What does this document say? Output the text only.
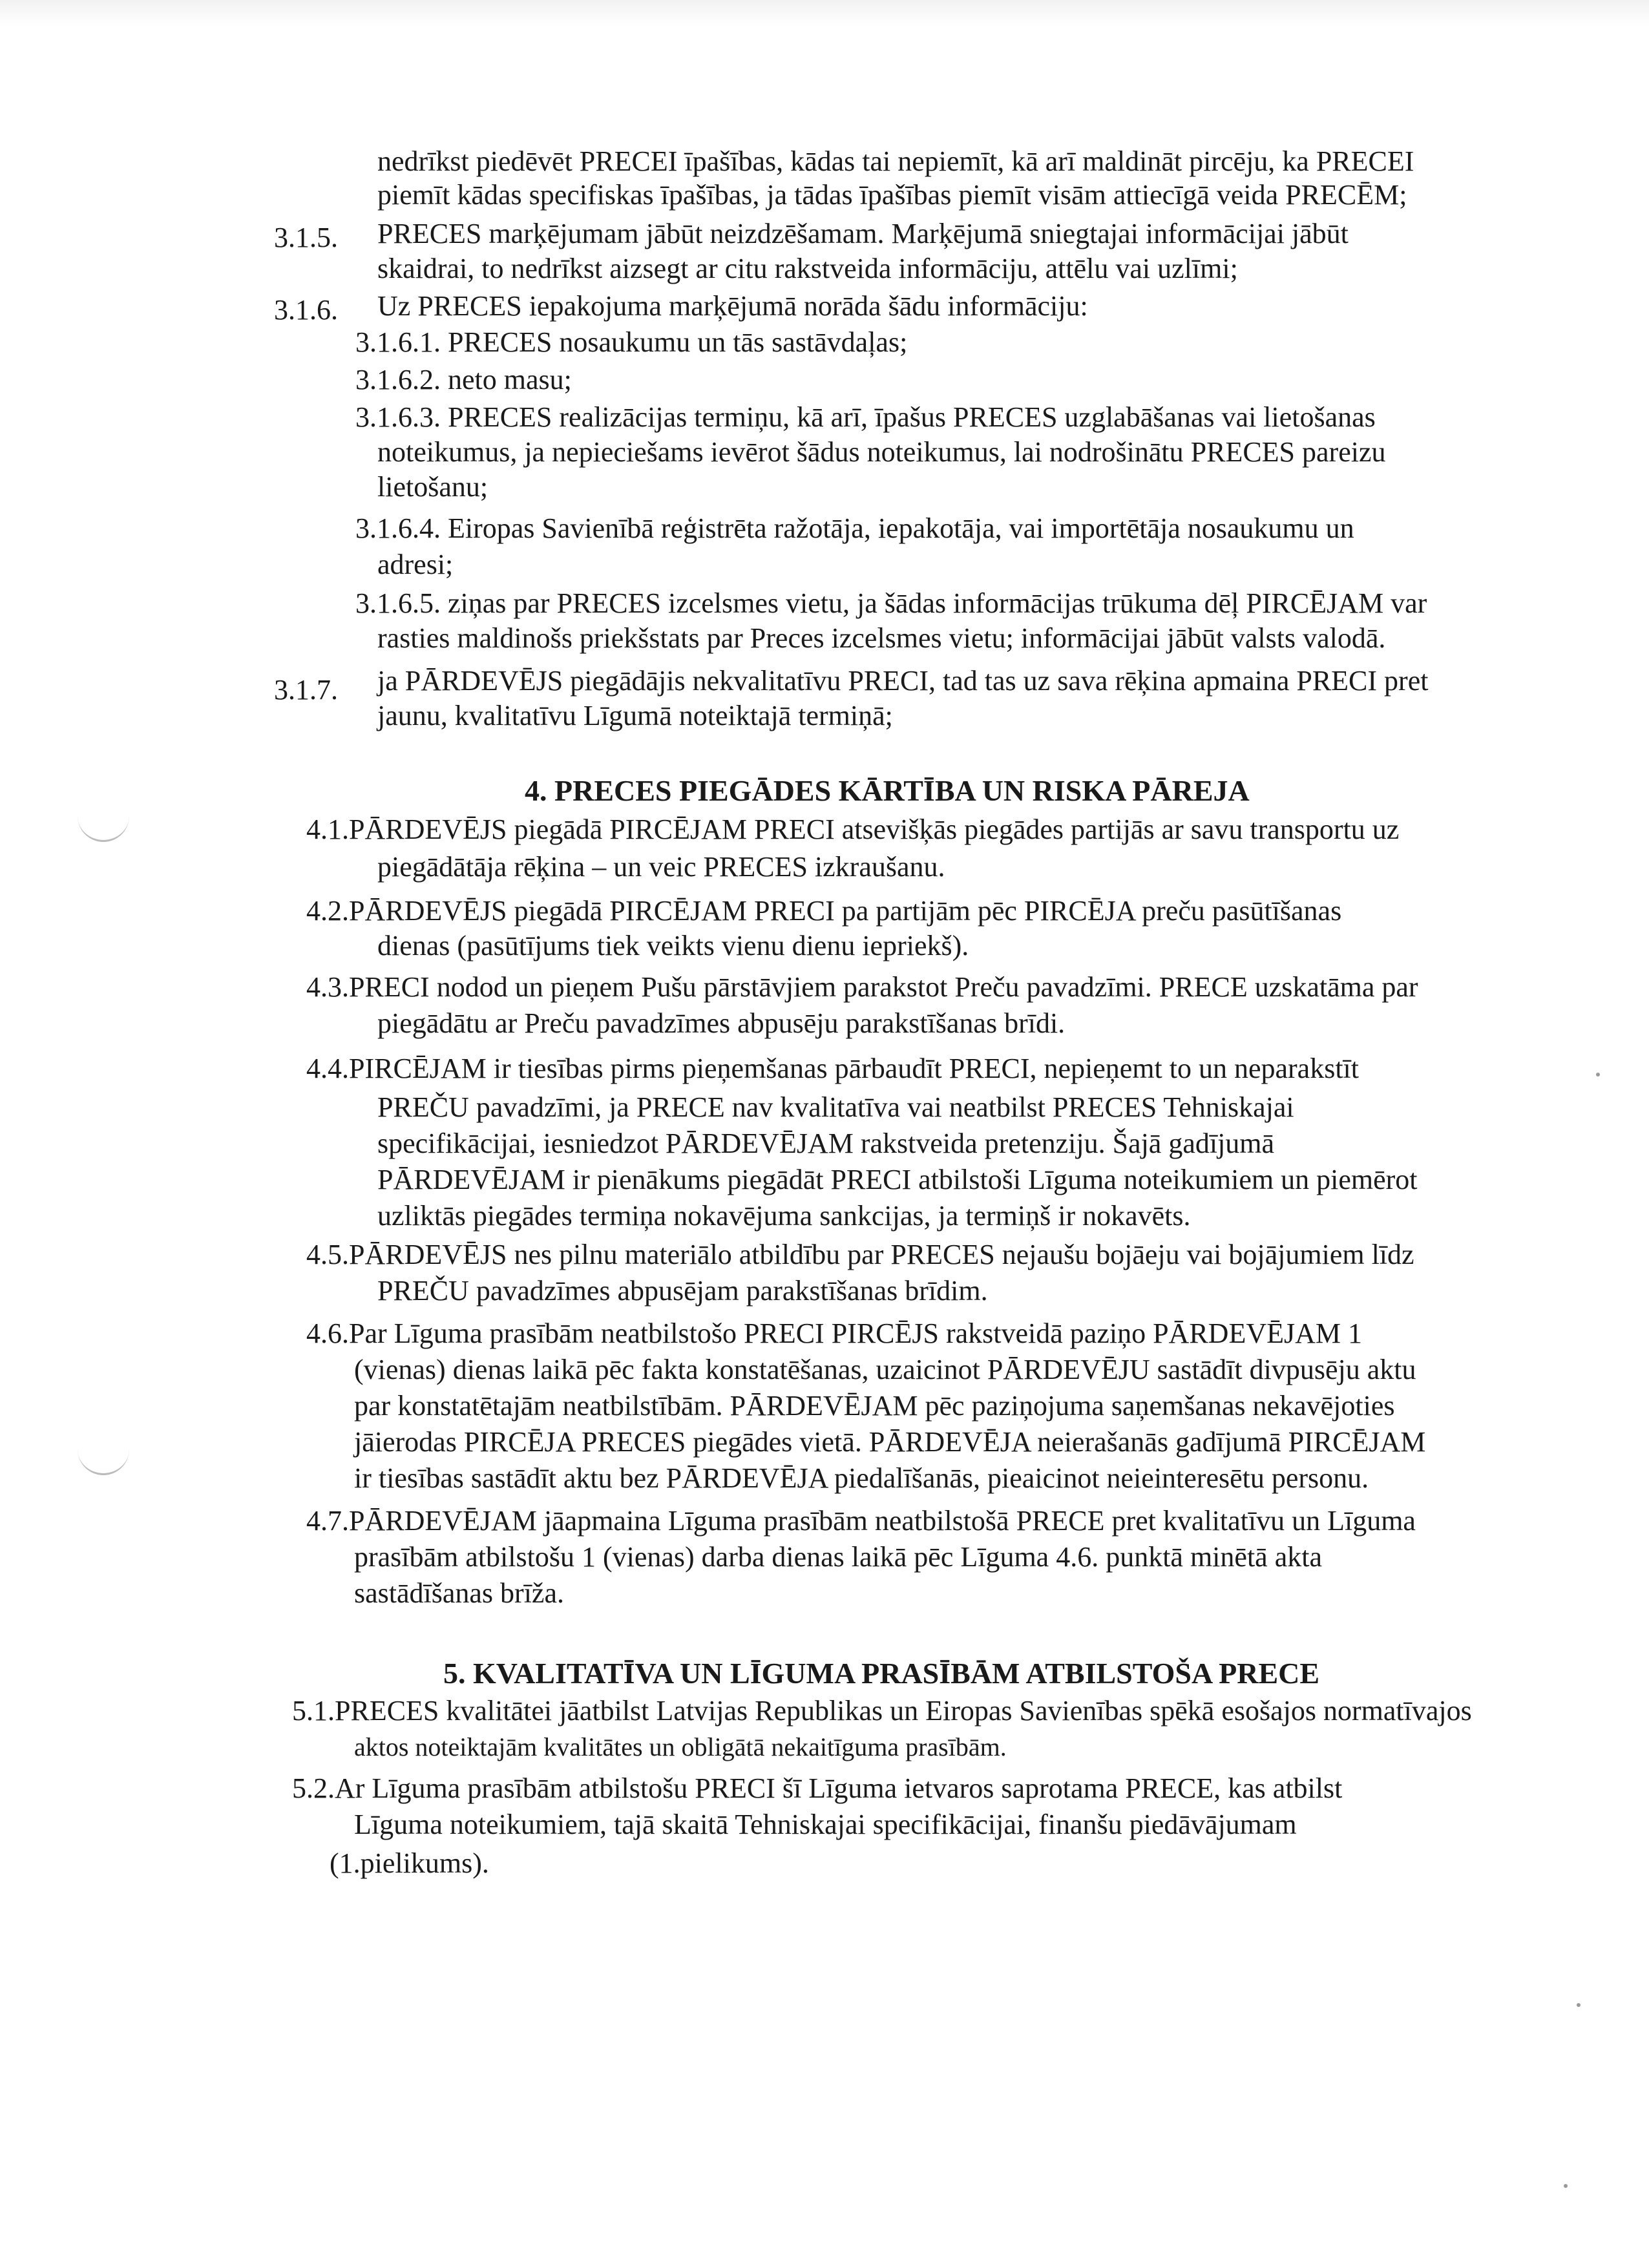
nedrīkst piedēvēt PRECEI īpašības, kādas tai nepiemīt, kā arī maldināt pircēju, ka PRECEI
piemīt kādas specifiskas īpašības, ja tādas īpašības piemīt visām attiecīgā veida PRECĒM;
3.1.5. PRECES marķējumam jābūt neizdzēšamam. Marķējumā sniegtajai informācijai jābūt
skaidrai, to nedrīkst aizsegt ar citu rakstveida informāciju, attēlu vai uzlīmi;
3.1.6. Uz PRECES iepakojuma marķējumā norāda šādu informāciju:
3.1.6.1. PRECES nosaukumu un tās sastāvdaļas;
3.1.6.2. neto masu;
3.1.6.3. PRECES realizācijas termiņu, kā arī, īpašus PRECES uzglabāšanas vai lietošanas
noteikumus, ja nepieciešams ievērot šādus noteikumus, lai nodrošinātu PRECES pareizu
lietošanu;
3.1.6.4. Eiropas Savienībā reģistrēta ražotāja, iepakotāja, vai importētāja nosaukumu un
adresi;
3.1.6.5. ziņas par PRECES izcelsmes vietu, ja šādas informācijas trūkuma dēļ PIRCĒJAM var
rasties maldinošs priekšstats par Preces izcelsmes vietu; informācijai jābūt valsts valodā.
3.1.7. ja PĀRDEVĒJS piegādājis nekvalitatīvu PRECI, tad tas uz sava rēķina apmaina PRECI pret
jaunu, kvalitatīvu Līgumā noteiktajā termiņā;
4. PRECES PIEGĀDES KĀRTĪBA UN RISKA PĀREJA
4.1.PĀRDEVĒJS piegādā PIRCĒJAM PRECI atsevišķās piegādes partijās ar savu transportu uz
piegādātāja rēķina – un veic PRECES izkraušanu.
4.2.PĀRDEVĒJS piegādā PIRCĒJAM PRECI pa partijām pēc PIRCĒJA preču pasūtīšanas
dienas (pasūtījums tiek veikts vienu dienu iepriekš).
4.3.PRECI nodod un pieņem Pušu pārstāvjiem parakstot Preču pavadzīmi. PRECE uzskatāma par
piegādātu ar Preču pavadzīmes abpusēju parakstīšanas brīdi.
4.4.PIRCĒJAM ir tiesības pirms pieņemšanas pārbaudīt PRECI, nepieņemt to un neparakstīt
PREČU pavadzīmi, ja PRECE nav kvalitatīva vai neatbilst PRECES Tehniskajai
specifikācijai, iesniedzot PĀRDEVĒJAM rakstveida pretenziju. Šajā gadījumā
PĀRDEVĒJAM ir pienākums piegādāt PRECI atbilstoši Līguma noteikumiem un piemērot
uzliktās piegādes termiņa nokavējuma sankcijas, ja termiņš ir nokavēts.
4.5.PĀRDEVĒJS nes pilnu materiālo atbildību par PRECES nejaušu bojāeju vai bojājumiem līdz
PREČU pavadzīmes abpusējam parakstīšanas brīdim.
4.6.Par Līguma prasībām neatbilstošo PRECI PIRCĒJS rakstveidā paziņo PĀRDEVĒJAM 1
(vienas) dienas laikā pēc fakta konstatēšanas, uzaicinot PĀRDEVĒJU sastādīt divpusēju aktu
par konstatētajām neatbilstībām. PĀRDEVĒJAM pēc paziņojuma saņemšanas nekavējoties
jāierodas PIRCĒJA PRECES piegādes vietā. PĀRDEVĒJA neierašanās gadījumā PIRCĒJAM
ir tiesības sastādīt aktu bez PĀRDEVĒJA piedalīšanās, pieaicinot neieinteresētu personu.
4.7.PĀRDEVĒJAM jāapmaina Līguma prasībām neatbilstošā PRECE pret kvalitatīvu un Līguma
prasībām atbilstošu 1 (vienas) darba dienas laikā pēc Līguma 4.6. punktā minētā akta
sastādīšanas brīža.
5. KVALITATĪVA UN LĪGUMA PRASĪBĀM ATBILSTOŠA PRECE
5.1.PRECES kvalitātei jāatbilst Latvijas Republikas un Eiropas Savienības spēkā esošajos normatīvajos
aktos noteiktajām kvalitātes un obligātā nekaitīguma prasībām.
5.2.Ar Līguma prasībām atbilstošu PRECI šī Līguma ietvaros saprotama PRECE, kas atbilst
Līguma noteikumiem, tajā skaitā Tehniskajai specifikācijai, finanšu piedāvājumam
(1.pielikums).
